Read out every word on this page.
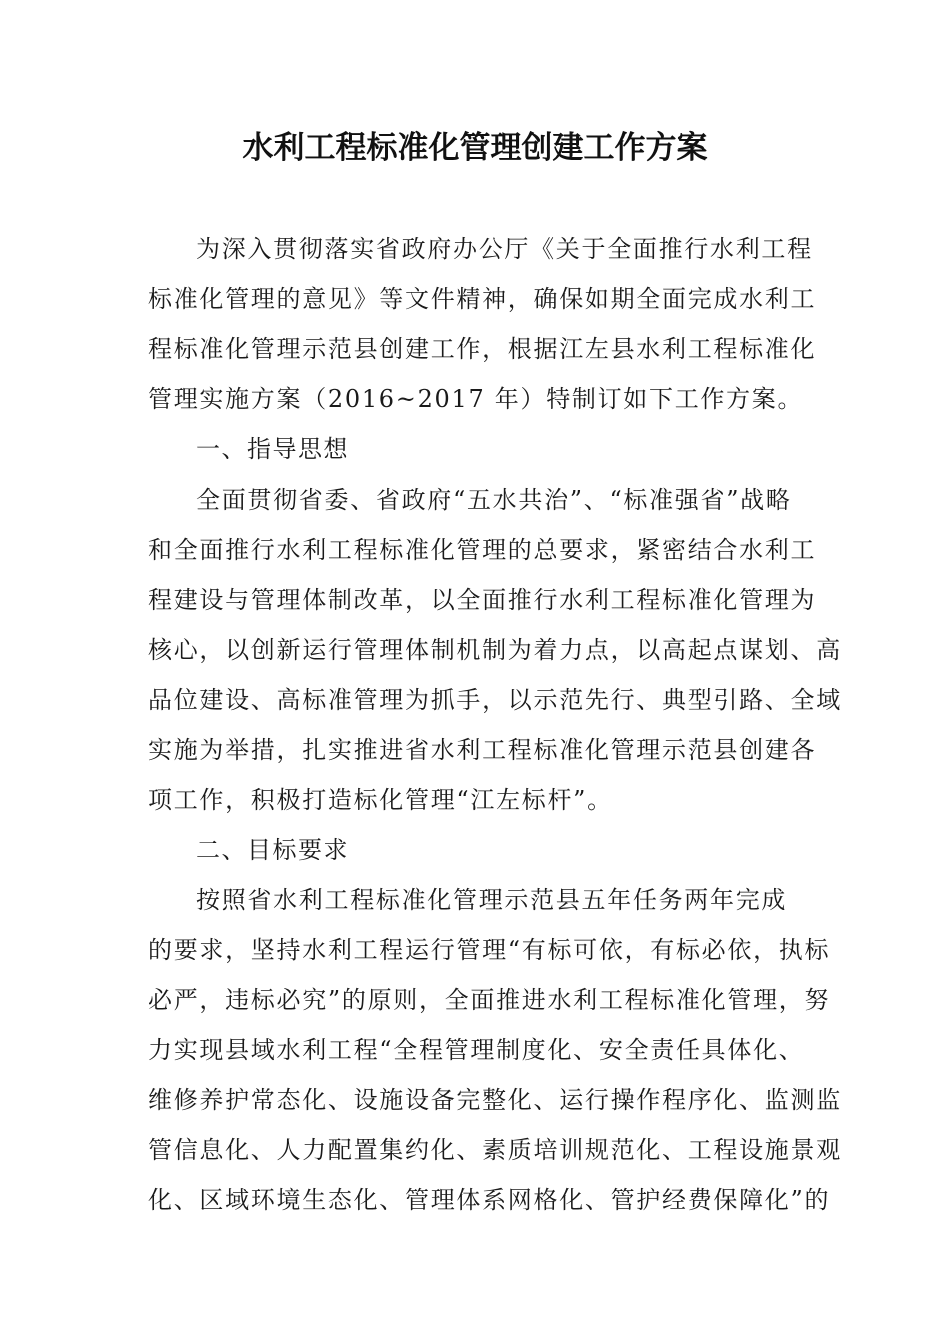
水利工程标准化管理创建工作方案

为深入贯彻落实省政府办公厅《关于全面推行水利工程

标准化管理的意见》等文件精神，确保如期全面完成水利工

程标准化管理示范县创建工作，根据江左县水利工程标准化

管理实施方案（2016~2017 年）特制订如下工作方案。

一、指导思想

全面贯彻省委、省政府“五水共治”、“标准强省”战略

和全面推行水利工程标准化管理的总要求，紧密结合水利工

程建设与管理体制改革，以全面推行水利工程标准化管理为

核心，以创新运行管理体制机制为着力点，以高起点谋划、高

品位建设、高标准管理为抓手，以示范先行、典型引路、全域

实施为举措，扎实推进省水利工程标准化管理示范县创建各

项工作，积极打造标化管理“江左标杆”。

二、目标要求

按照省水利工程标准化管理示范县五年任务两年完成

的要求，坚持水利工程运行管理“有标可依，有标必依，执标

必严，违标必究”的原则，全面推进水利工程标准化管理，努

力实现县域水利工程“全程管理制度化、安全责任具体化、

维修养护常态化、设施设备完整化、运行操作程序化、监测监

管信息化、人力配置集约化、素质培训规范化、工程设施景观

化、区域环境生态化、管理体系网格化、管护经费保障化”的
